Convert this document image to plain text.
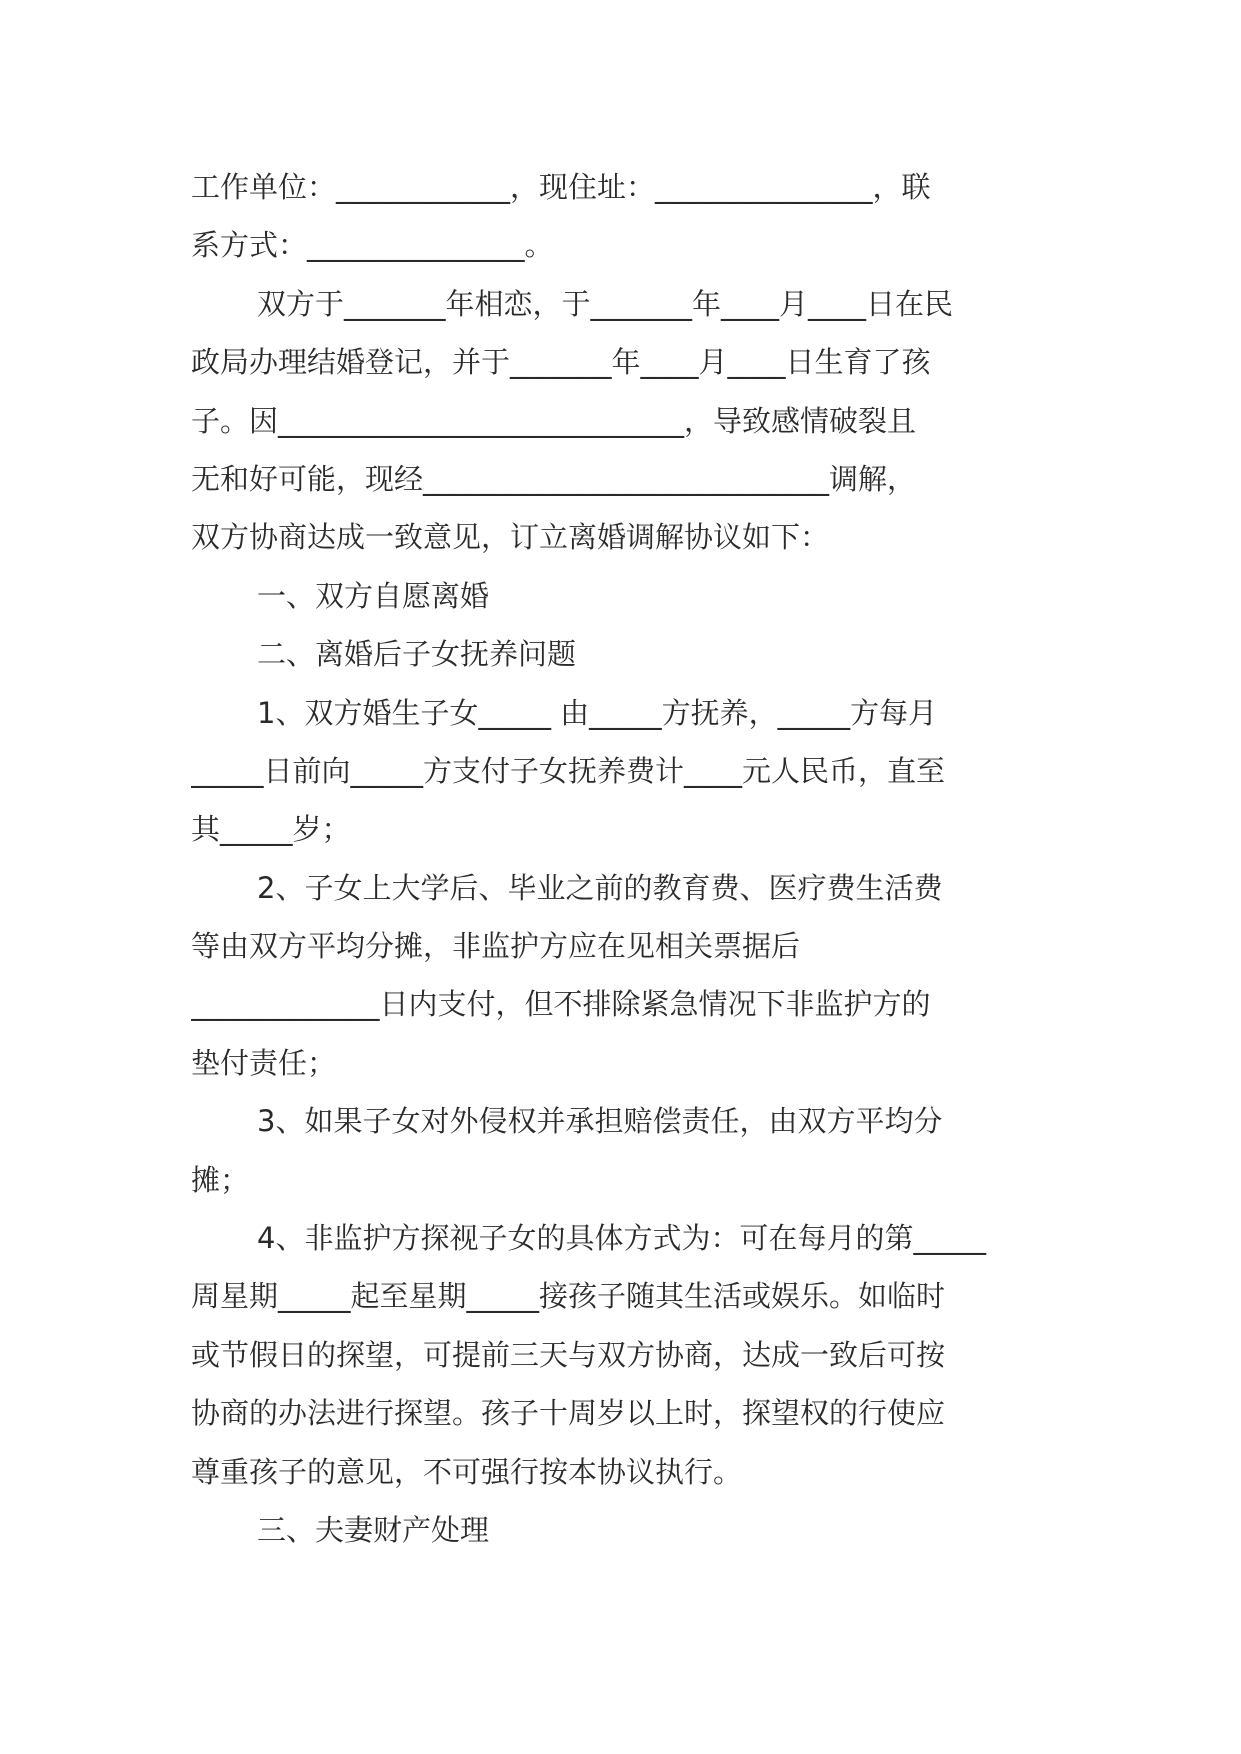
工作单位：____________，现住址：_______________，联
系方式：_______________。
双方于_______年相恋，于_______年____月____日在民
政局办理结婚登记，并于_______年____月____日生育了孩
子。因____________________________，导致感情破裂且
无和好可能，现经____________________________调解，
双方协商达成一致意见，订立离婚调解协议如下：
一、双方自愿离婚
二、离婚后子女抚养问题
1、双方婚生子女_____ 由_____方抚养，_____方每月
_____日前向_____方支付子女抚养费计____元人民币，直至
其_____岁；
2、子女上大学后、毕业之前的教育费、医疗费生活费
等由双方平均分摊，非监护方应在见相关票据后
_____________日内支付，但不排除紧急情况下非监护方的
垫付责任；
3、如果子女对外侵权并承担赔偿责任，由双方平均分
摊；
4、非监护方探视子女的具体方式为：可在每月的第_____
周星期_____起至星期_____接孩子随其生活或娱乐。如临时
或节假日的探望，可提前三天与双方协商，达成一致后可按
协商的办法进行探望。孩子十周岁以上时，探望权的行使应
尊重孩子的意见，不可强行按本协议执行。
三、夫妻财产处理
